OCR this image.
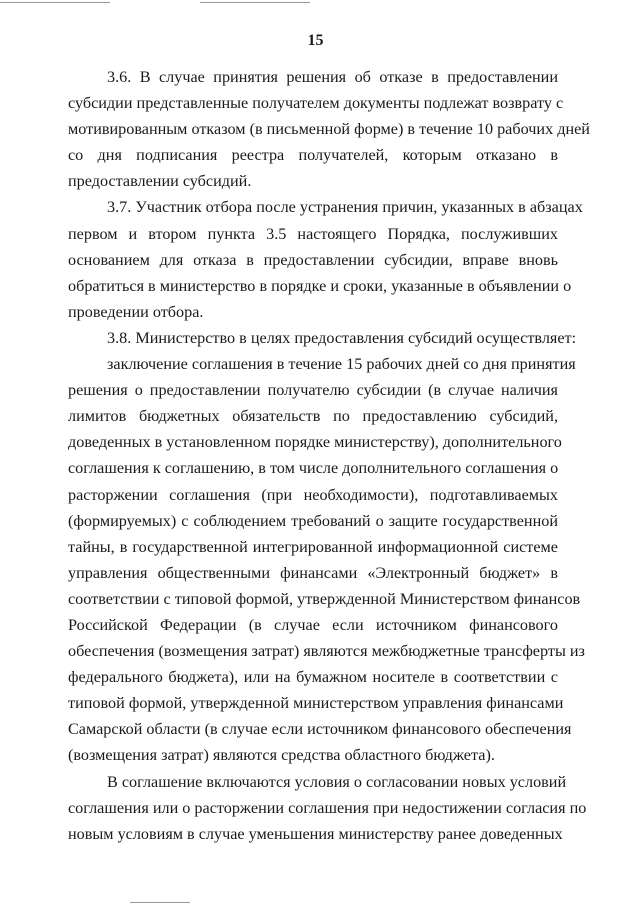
15
3.6. В случае принятия решения об отказе в предоставлении
субсидии представленные получателем документы подлежат возврату с
мотивированным отказом (в письменной форме) в течение 10 рабочих дней
со дня подписания реестра получателей, которым отказано в
предоставлении субсидий.
3.7. Участник отбора после устранения причин, указанных в абзацах
первом и втором пункта 3.5 настоящего Порядка, послуживших
основанием для отказа в предоставлении субсидии, вправе вновь
обратиться в министерство в порядке и сроки, указанные в объявлении о
проведении отбора.
3.8. Министерство в целях предоставления субсидий осуществляет:
заключение соглашения в течение 15 рабочих дней со дня принятия
решения о предоставлении получателю субсидии (в случае наличия
лимитов бюджетных обязательств по предоставлению субсидий,
доведенных в установленном порядке министерству), дополнительного
соглашения к соглашению, в том числе дополнительного соглашения о
расторжении соглашения (при необходимости), подготавливаемых
(формируемых) с соблюдением требований о защите государственной
тайны, в государственной интегрированной информационной системе
управления общественными финансами «Электронный бюджет» в
соответствии с типовой формой, утвержденной Министерством финансов
Российской Федерации (в случае если источником финансового
обеспечения (возмещения затрат) являются межбюджетные трансферты из
федерального бюджета), или на бумажном носителе в соответствии с
типовой формой, утвержденной министерством управления финансами
Самарской области (в случае если источником финансового обеспечения
(возмещения затрат) являются средства областного бюджета).
В соглашение включаются условия о согласовании новых условий
соглашения или о расторжении соглашения при недостижении согласия по
новым условиям в случае уменьшения министерству ранее доведенных
